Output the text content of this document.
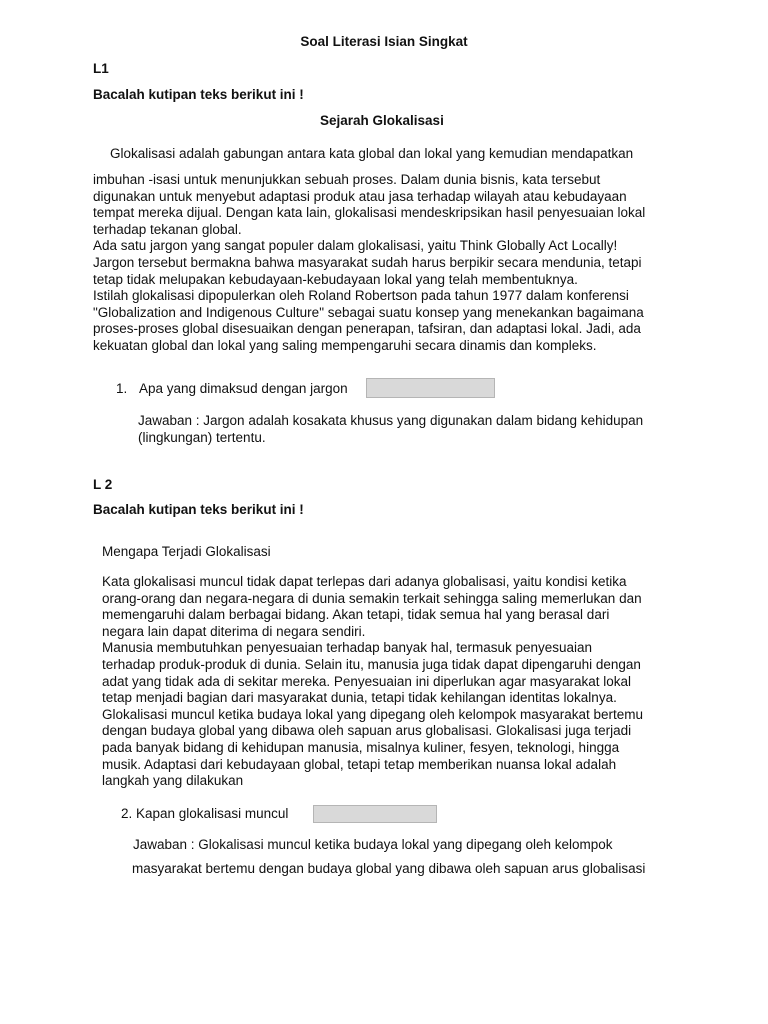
Soal Literasi Isian Singkat
L1
Bacalah kutipan teks berikut ini !
Sejarah Glokalisasi
Glokalisasi adalah gabungan antara kata global dan lokal yang kemudian mendapatkan
imbuhan -isasi untuk menunjukkan sebuah proses. Dalam dunia bisnis, kata tersebut
digunakan untuk menyebut adaptasi produk atau jasa terhadap wilayah atau kebudayaan
tempat mereka dijual. Dengan kata lain, glokalisasi mendeskripsikan hasil penyesuaian lokal
terhadap tekanan global.
Ada satu jargon yang sangat populer dalam glokalisasi, yaitu Think Globally Act Locally!
Jargon tersebut bermakna bahwa masyarakat sudah harus berpikir secara mendunia, tetapi
tetap tidak melupakan kebudayaan-kebudayaan lokal yang telah membentuknya.
Istilah glokalisasi dipopulerkan oleh Roland Robertson pada tahun 1977 dalam konferensi
"Globalization and Indigenous Culture" sebagai suatu konsep yang menekankan bagaimana
proses-proses global disesuaikan dengan penerapan, tafsiran, dan adaptasi lokal. Jadi, ada
kekuatan global dan lokal yang saling mempengaruhi secara dinamis dan kompleks.
1. Apa yang dimaksud dengan jargon
Jawaban : Jargon adalah kosakata khusus yang digunakan dalam bidang kehidupan
(lingkungan) tertentu.
L 2
Bacalah kutipan teks berikut ini !
Mengapa Terjadi Glokalisasi
Kata glokalisasi muncul tidak dapat terlepas dari adanya globalisasi, yaitu kondisi ketika
orang-orang dan negara-negara di dunia semakin terkait sehingga saling memerlukan dan
memengaruhi dalam berbagai bidang. Akan tetapi, tidak semua hal yang berasal dari
negara lain dapat diterima di negara sendiri.
Manusia membutuhkan penyesuaian terhadap banyak hal, termasuk penyesuaian
terhadap produk-produk di dunia. Selain itu, manusia juga tidak dapat dipengaruhi dengan
adat yang tidak ada di sekitar mereka. Penyesuaian ini diperlukan agar masyarakat lokal
tetap menjadi bagian dari masyarakat dunia, tetapi tidak kehilangan identitas lokalnya.
Glokalisasi muncul ketika budaya lokal yang dipegang oleh kelompok masyarakat bertemu
dengan budaya global yang dibawa oleh sapuan arus globalisasi. Glokalisasi juga terjadi
pada banyak bidang di kehidupan manusia, misalnya kuliner, fesyen, teknologi, hingga
musik. Adaptasi dari kebudayaan global, tetapi tetap memberikan nuansa lokal adalah
langkah yang dilakukan
2. Kapan glokalisasi muncul
Jawaban : Glokalisasi muncul ketika budaya lokal yang dipegang oleh kelompok
masyarakat bertemu dengan budaya global yang dibawa oleh sapuan arus globalisasi
